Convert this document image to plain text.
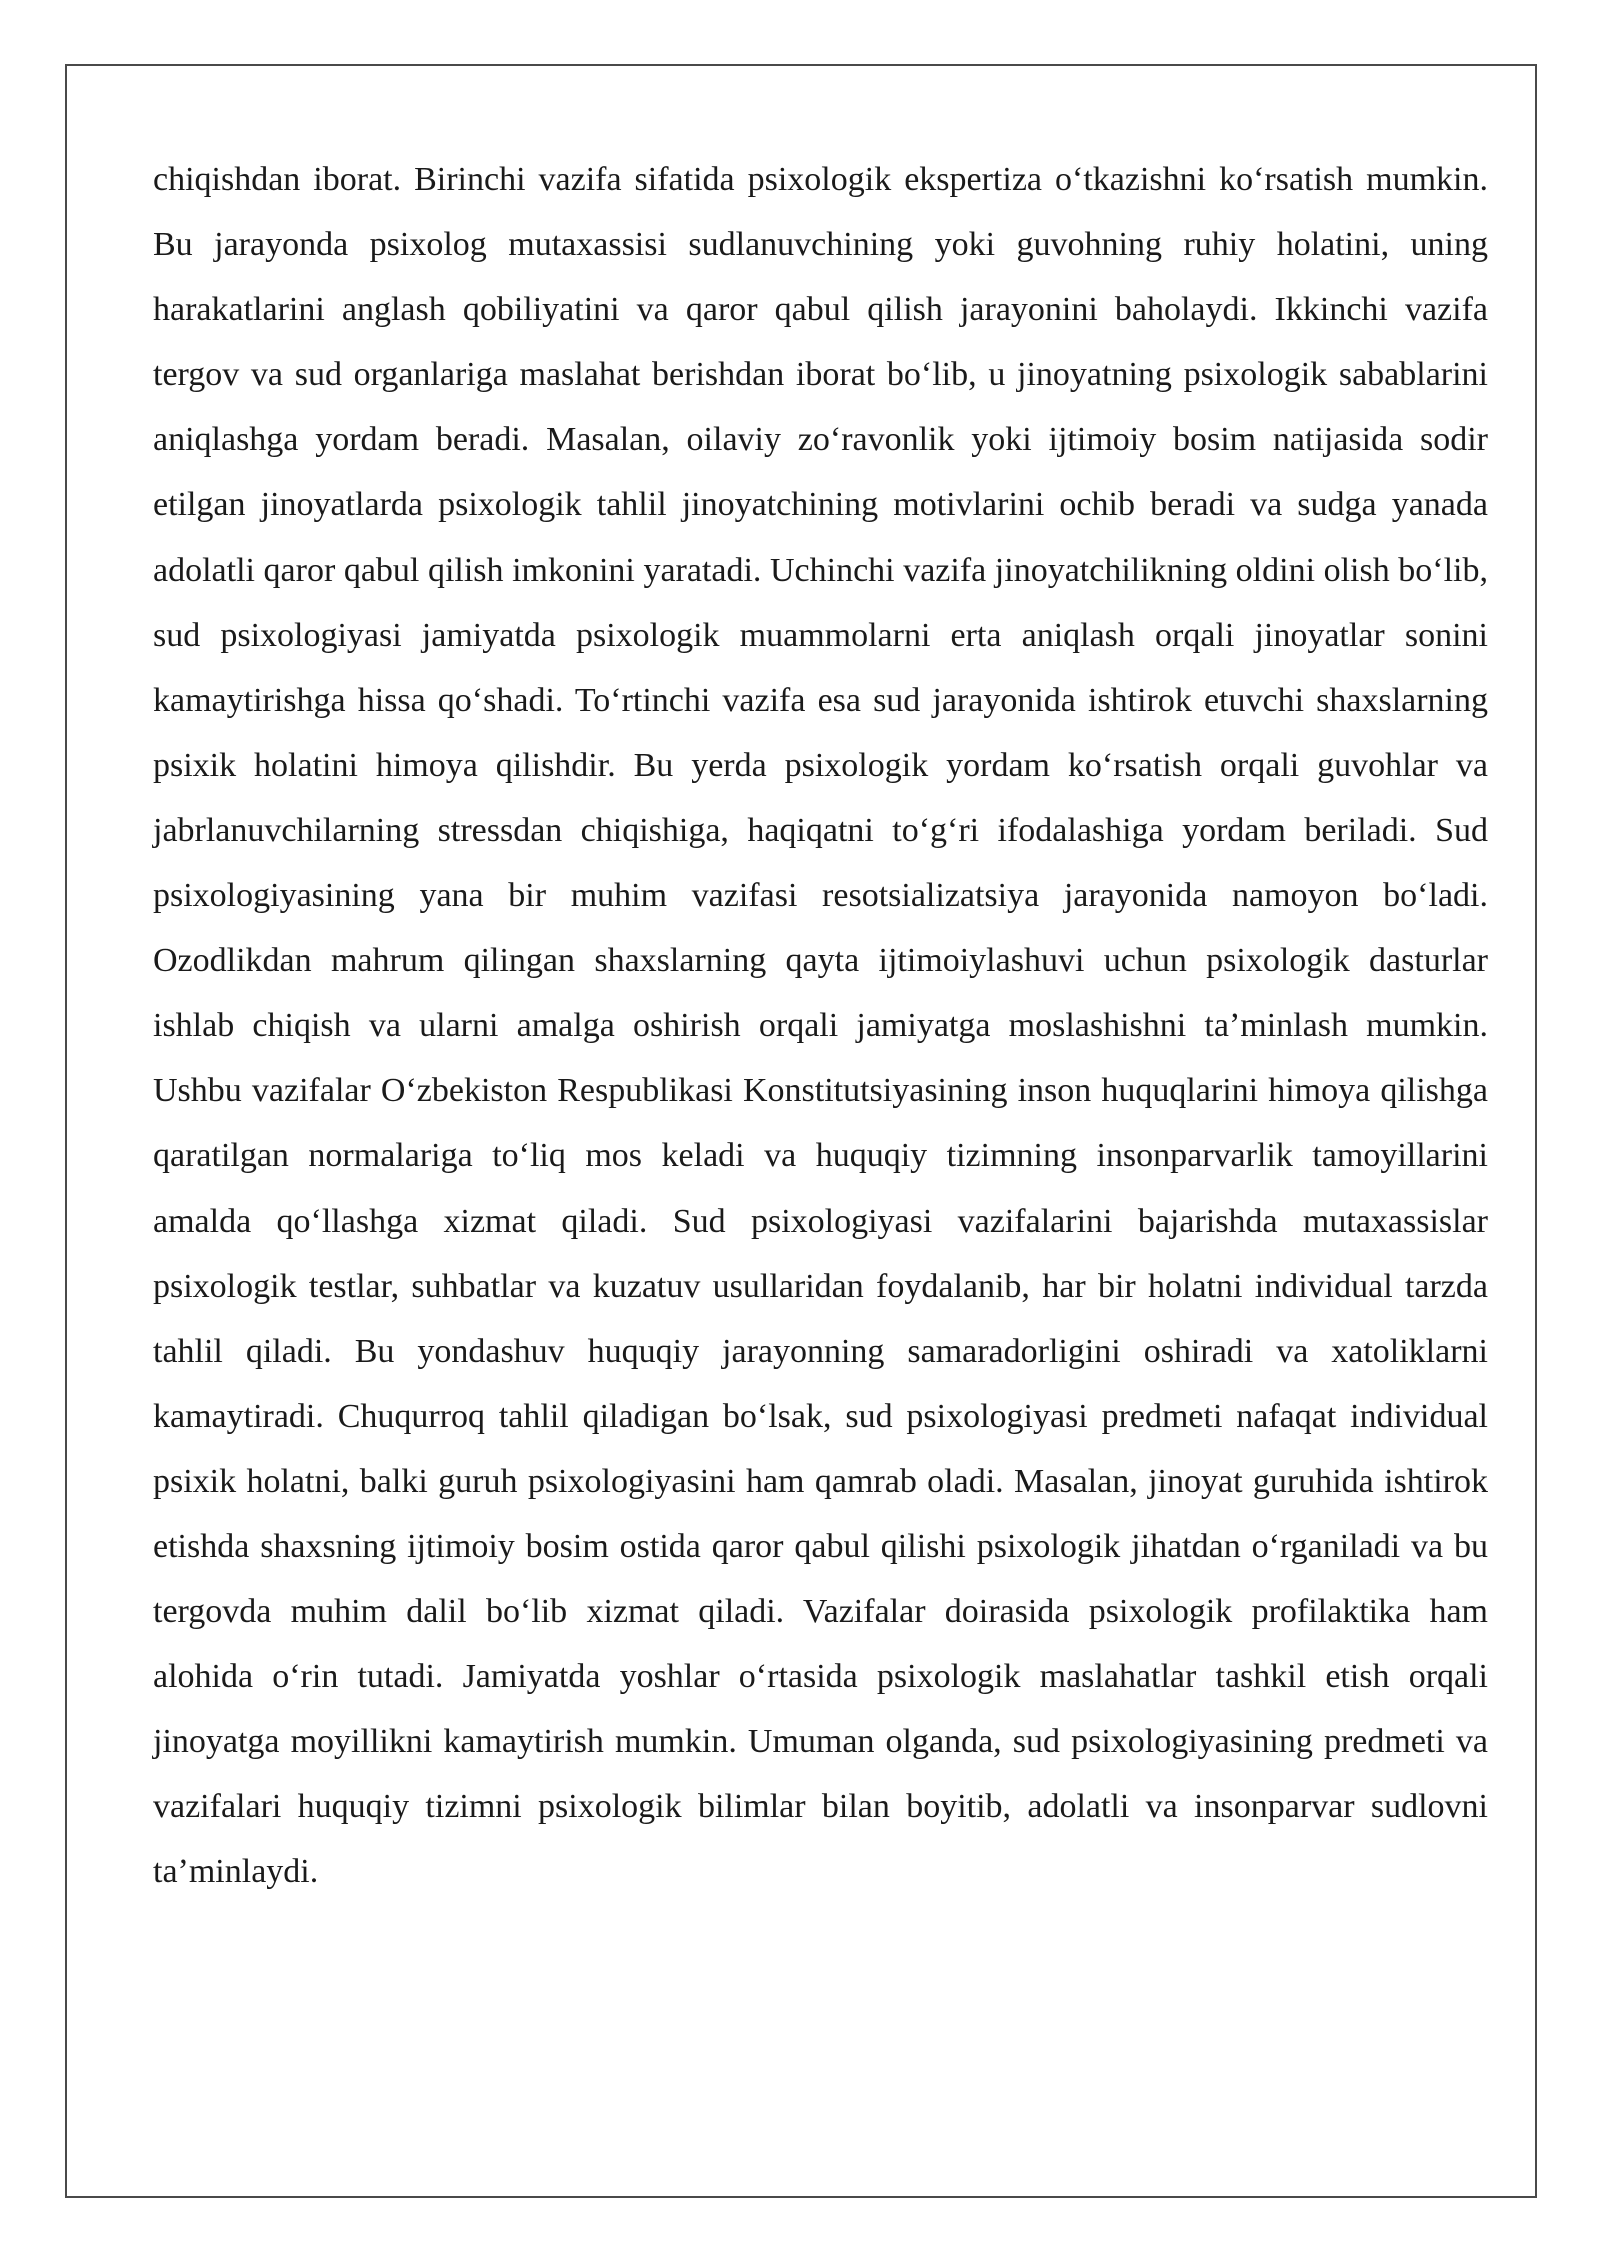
chiqishdan iborat. Birinchi vazifa sifatida psixologik ekspertiza oʻtkazishni koʻrsatish mumkin. Bu jarayonda psixolog mutaxassisi sudlanuvchining yoki guvohning ruhiy holatini, uning harakatlarini anglash qobiliyatini va qaror qabul qilish jarayonini baholaydi. Ikkinchi vazifa tergov va sud organlariga maslahat berishdan iborat boʻlib, u jinoyatning psixologik sabablarini aniqlashga yordam beradi. Masalan, oilaviy zoʻravonlik yoki ijtimoiy bosim natijasida sodir etilgan jinoyatlarda psixologik tahlil jinoyatchining motivlarini ochib beradi va sudga yanada adolatli qaror qabul qilish imkonini yaratadi. Uchinchi vazifa jinoyatchilikning oldini olish boʻlib, sud psixologiyasi jamiyatda psixologik muammolarni erta aniqlash orqali jinoyatlar sonini kamaytirishga hissa qoʻshadi. Toʻrtinchi vazifa esa sud jarayonida ishtirok etuvchi shaxslarning psixik holatini himoya qilishdir. Bu yerda psixologik yordam koʻrsatish orqali guvohlar va jabrlanuvchilarning stressdan chiqishiga, haqiqatni toʻgʻri ifodalashiga yordam beriladi. Sud psixologiyasining yana bir muhim vazifasi resotsializatsiya jarayonida namoyon boʻladi. Ozodlikdan mahrum qilingan shaxslarning qayta ijtimoiylashuvi uchun psixologik dasturlar ishlab chiqish va ularni amalga oshirish orqali jamiyatga moslashishni taʼminlash mumkin. Ushbu vazifalar Oʻzbekiston Respublikasi Konstitutsiyasining inson huquqlarini himoya qilishga qaratilgan normalariga toʻliq mos keladi va huquqiy tizimning insonparvarlik tamoyillarini amalda qoʻllashga xizmat qiladi. Sud psixologiyasi vazifalarini bajarishda mutaxassislar psixologik testlar, suhbatlar va kuzatuv usullaridan foydalanib, har bir holatni individual tarzda tahlil qiladi. Bu yondashuv huquqiy jarayonning samaradorligini oshiradi va xatoliklarni kamaytiradi. Chuqurroq tahlil qiladigan boʻlsak, sud psixologiyasi predmeti nafaqat individual psixik holatni, balki guruh psixologiyasini ham qamrab oladi. Masalan, jinoyat guruhida ishtirok etishda shaxsning ijtimoiy bosim ostida qaror qabul qilishi psixologik jihatdan oʻrganiladi va bu tergovda muhim dalil boʻlib xizmat qiladi. Vazifalar doirasida psixologik profilaktika ham alohida oʻrin tutadi. Jamiyatda yoshlar oʻrtasida psixologik maslahatlar tashkil etish orqali jinoyatga moyillikni kamaytirish mumkin. Umuman olganda, sud psixologiyasining predmeti va vazifalari huquqiy tizimni psixologik bilimlar bilan boyitib, adolatli va insonparvar sudlovni taʼminlaydi.
